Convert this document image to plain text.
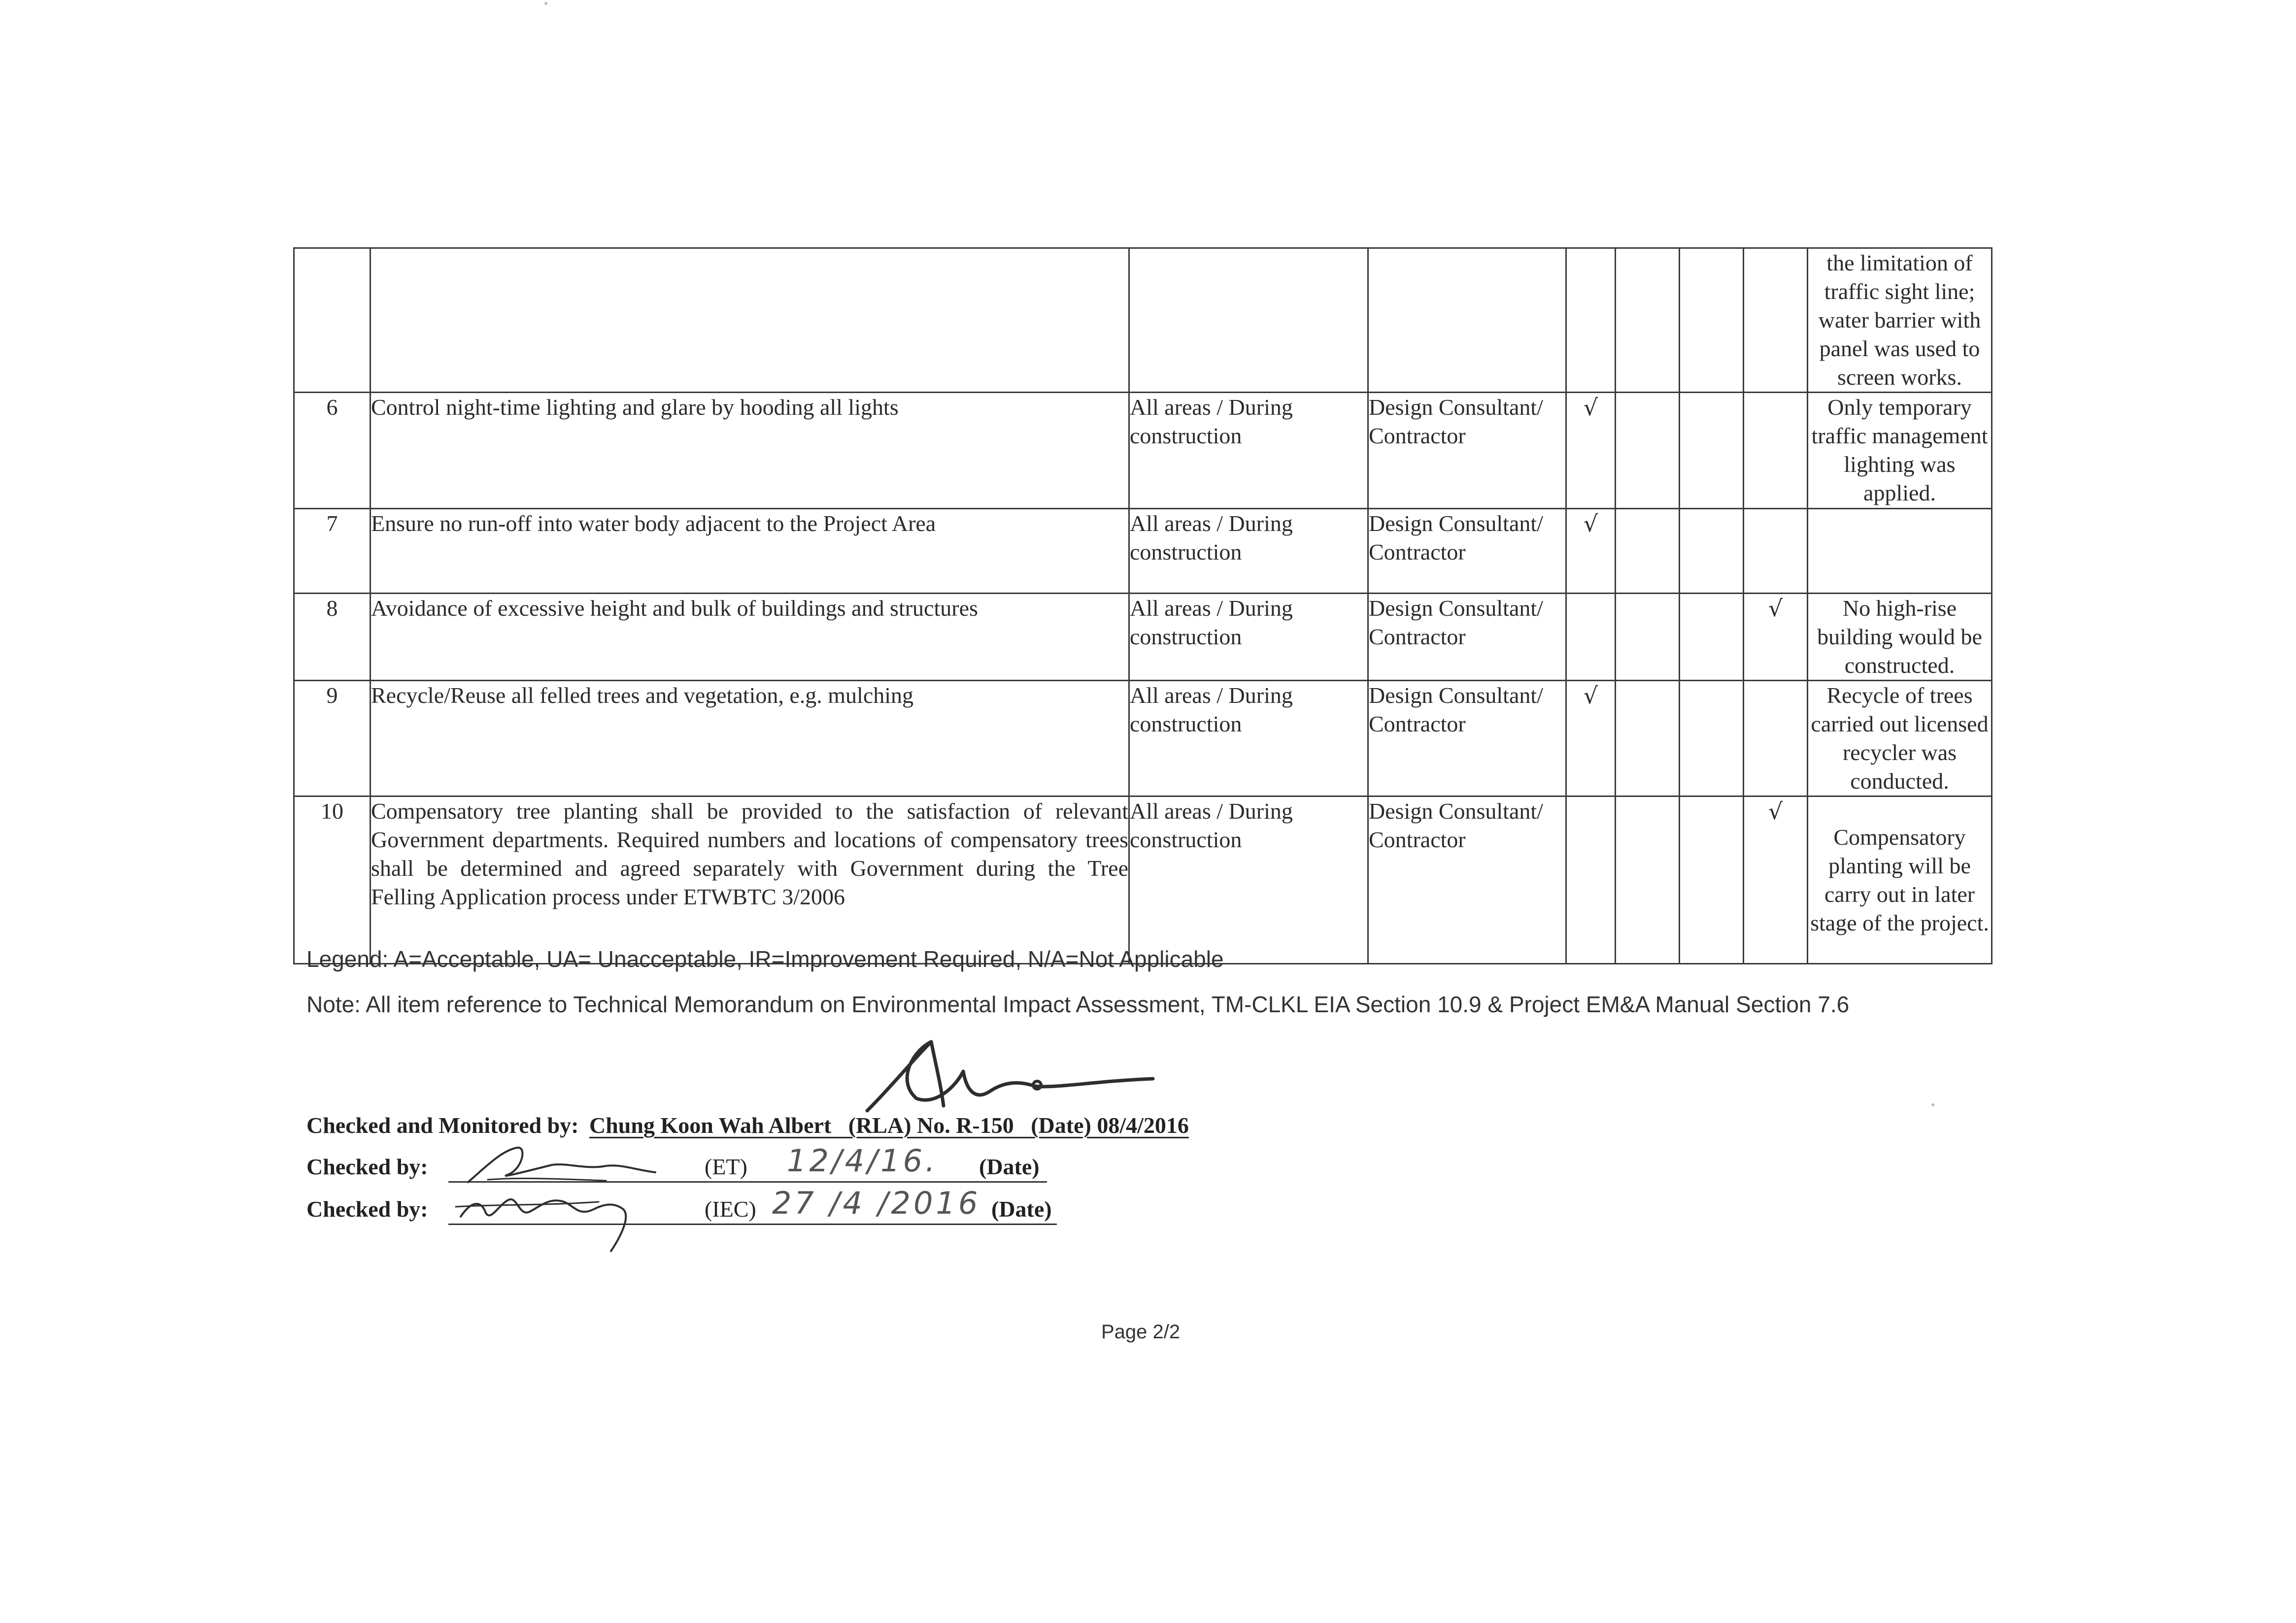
								the limitation of traffic sight line; water barrier with panel was used to screen works.
6	Control night-time lighting and glare by hooding all lights	All areas / During construction	Design Consultant/ Contractor	√				Only temporary traffic management lighting was applied.
7	Ensure no run-off into water body adjacent to the Project Area	All areas / During construction	Design Consultant/ Contractor	√				
8	Avoidance of excessive height and bulk of buildings and structures	All areas / During construction	Design Consultant/ Contractor				√	No high-rise building would be constructed.
9	Recycle/Reuse all felled trees and vegetation, e.g. mulching	All areas / During construction	Design Consultant/ Contractor	√				Recycle of trees carried out licensed recycler was conducted.
10	Compensatory tree planting shall be provided to the satisfaction of relevant Government departments. Required numbers and locations of compensatory trees shall be determined and agreed separately with Government during the Tree Felling Application process under ETWBTC 3/2006	All areas / During construction	Design Consultant/ Contractor				√	Compensatory planting will be carry out in later stage of the project.
Legend: A=Acceptable, UA= Unacceptable, IR=Improvement Required, N/A=Not Applicable
Note: All item reference to Technical Memorandum on Environmental Impact Assessment, TM-CLKL EIA Section 10.9 & Project EM&A Manual Section 7.6
Checked and Monitored by: Chung Koon Wah Albert   (RLA) No. R-150   (Date) 08/4/2016
Checked by:	(ET) 12/4/16. (Date)
Checked by:	(IEC) 27 /4 /2016 (Date)
Page 2/2
